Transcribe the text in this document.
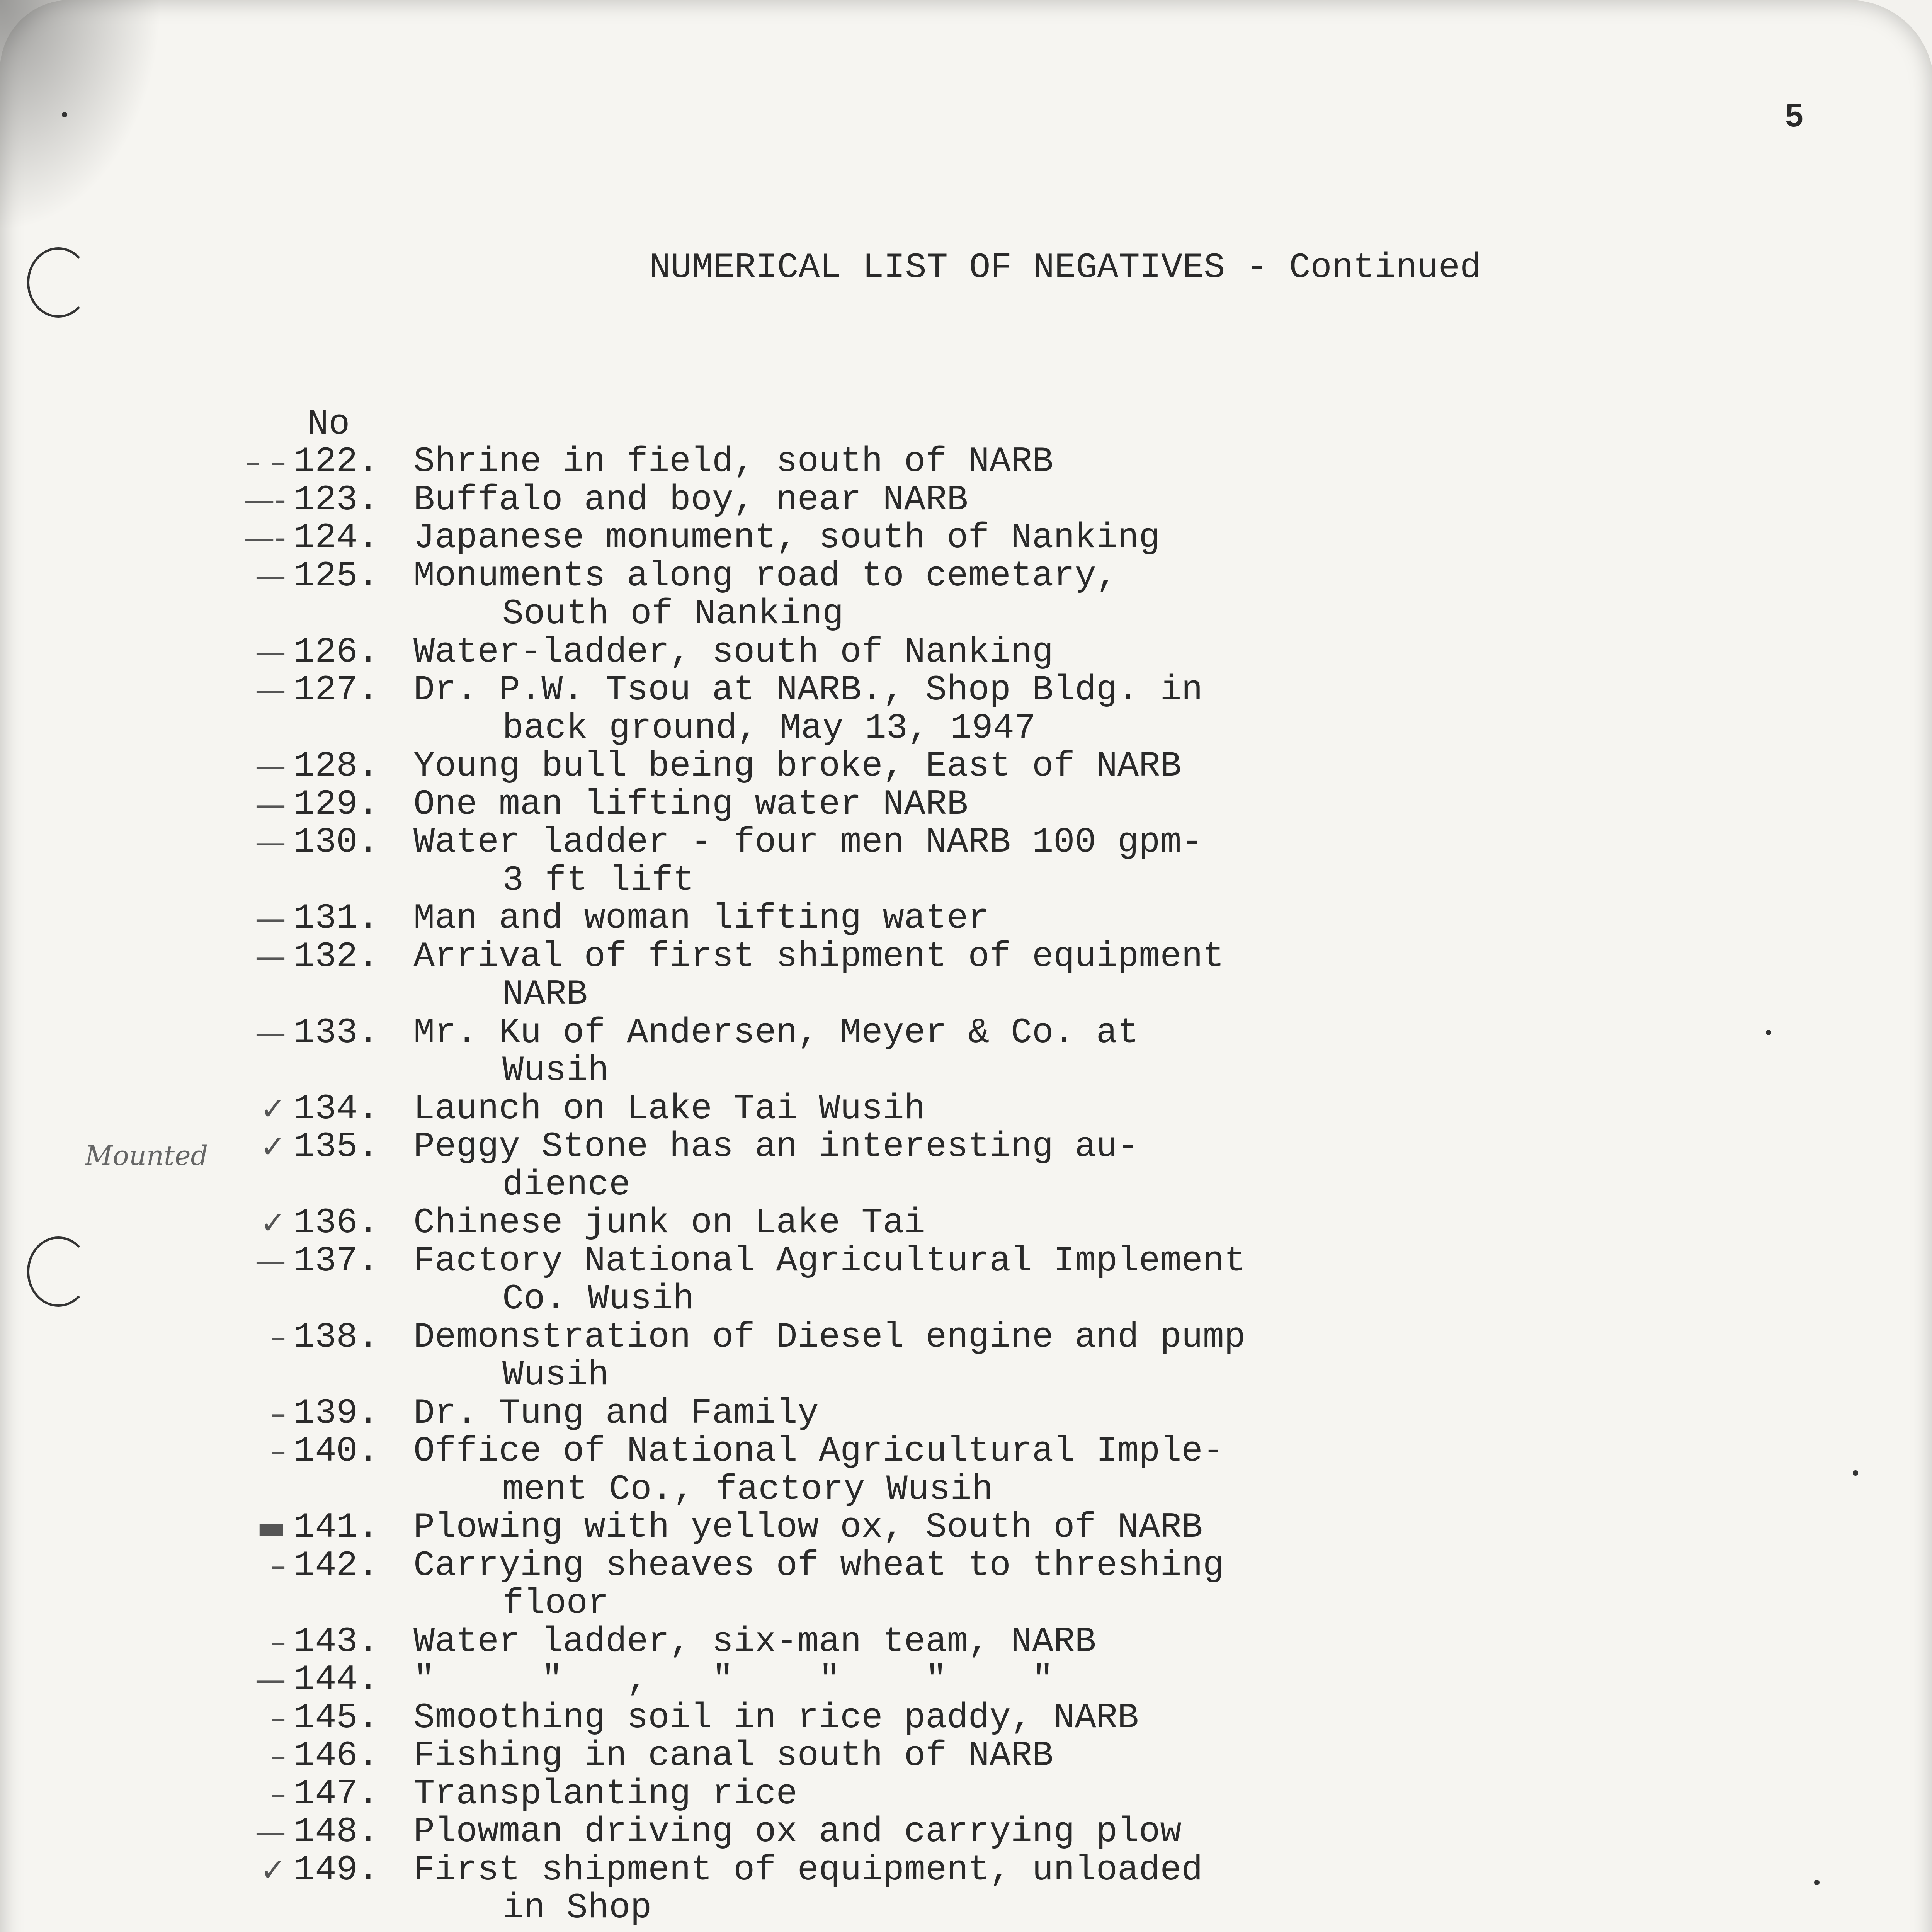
5
NUMERICAL LIST OF NEGATIVES - Continued
No
Mounted
– – 122. Shrine in field, south of NARB
—- 123. Buffalo and boy, near NARB
—- 124. Japanese monument, south of Nanking
— 125. Monuments along road to cemetary,
South of Nanking
— 126. Water-ladder, south of Nanking
— 127. Dr. P.W. Tsou at NARB., Shop Bldg. in
back ground, May 13, 1947
— 128. Young bull being broke, East of NARB
— 129. One man lifting water NARB
— 130. Water ladder - four men NARB 100 gpm-
3 ft lift
— 131. Man and woman lifting water
— 132. Arrival of first shipment of equipment
NARB
— 133. Mr. Ku of Andersen, Meyer & Co. at
Wusih
✓ 134. Launch on Lake Tai Wusih
✓ 135. Peggy Stone has an interesting au-
dience
✓ 136. Chinese junk on Lake Tai
— 137. Factory National Agricultural Implement
Co. Wusih
– 138. Demonstration of Diesel engine and pump
Wusih
– 139. Dr. Tung and Family
– 140. Office of National Agricultural Imple-
ment Co., factory Wusih
▬ 141. Plowing with yellow ox, South of NARB
– 142. Carrying sheaves of wheat to threshing
floor
– 143. Water ladder, six-man team, NARB
— 144. "     "   ,   "    "    "    "
– 145. Smoothing soil in rice paddy, NARB
– 146. Fishing in canal south of NARB
– 147. Transplanting rice
— 148. Plowman driving ox and carrying plow
✓ 149. First shipment of equipment, unloaded
in Shop
